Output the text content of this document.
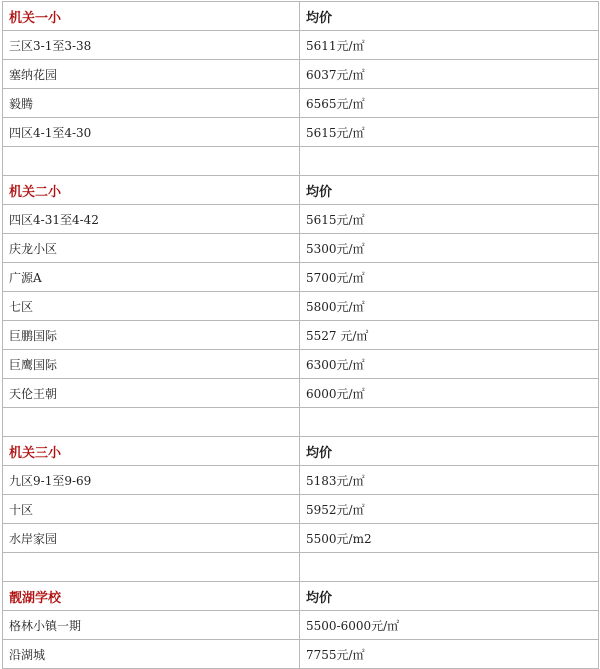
机关一小	均价
三区3-1至3-38	5611元/㎡
塞纳花园	6037元/㎡
毅腾	6565元/㎡
四区4-1至4-30	5615元/㎡

机关二小	均价
四区4-31至4-42	5615元/㎡
庆龙小区	5300元/㎡
广源A	5700元/㎡
七区	5800元/㎡
巨鹏国际	5527 元/㎡
巨鹰国际	6300元/㎡
天伦王朝	6000元/㎡

机关三小	均价
九区9-1至9-69	5183元/㎡
十区	5952元/㎡
水岸家园	5500元/m2

靓湖学校	均价
格林小镇一期	5500-6000元/㎡
沿湖城	7755元/㎡
